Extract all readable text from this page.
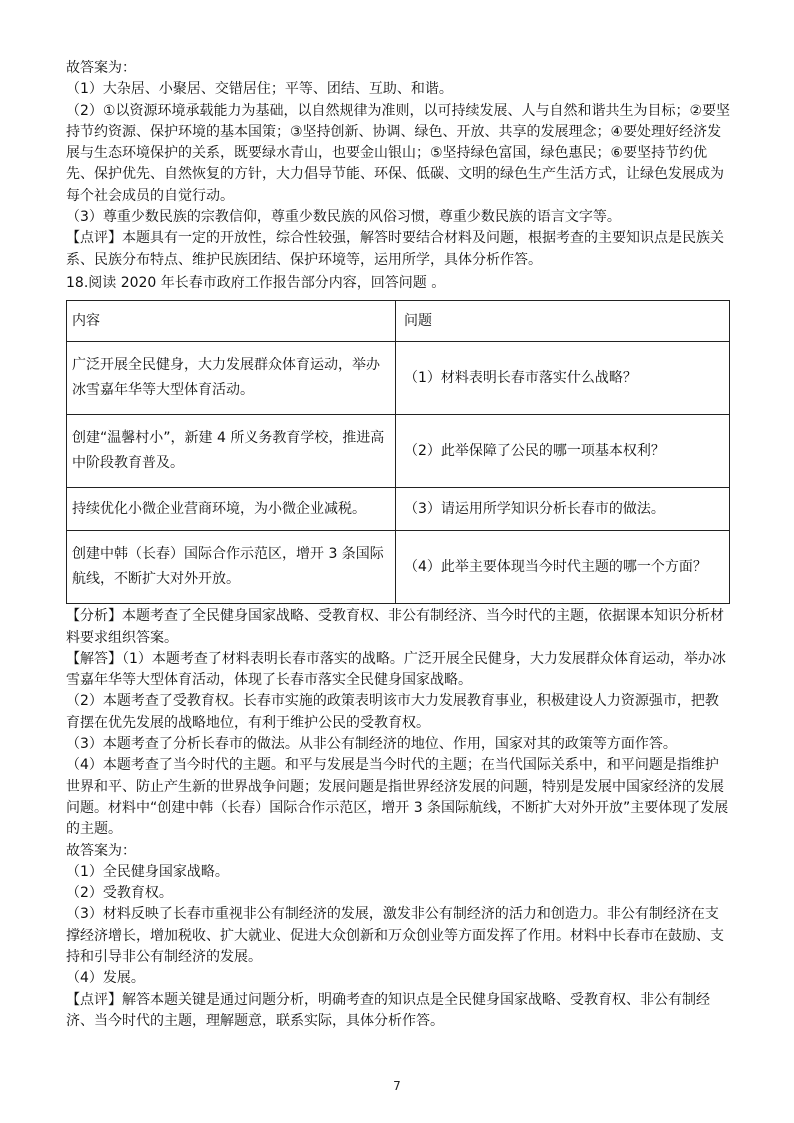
故答案为：

（1）大杂居、小聚居、交错居住；平等、团结、互助、和谐。

（2）①以资源环境承载能力为基础，以自然规律为准则，以可持续发展、人与自然和谐共生为目标；②要坚持节约资源、保护环境的基本国策；③坚持创新、协调、绿色、开放、共享的发展理念；④要处理好经济发展与生态环境保护的关系，既要绿水青山，也要金山银山；⑤坚持绿色富国，绿色惠民；⑥要坚持节约优先、保护优先、自然恢复的方针，大力倡导节能、环保、低碳、文明的绿色生产生活方式，让绿色发展成为每个社会成员的自觉行动。

（3）尊重少数民族的宗教信仰，尊重少数民族的风俗习惯，尊重少数民族的语言文字等。

【点评】本题具有一定的开放性，综合性较强，解答时要结合材料及问题，根据考查的主要知识点是民族关系、民族分布特点、维护民族团结、保护环境等，运用所学，具体分析作答。

18.阅读 2020 年长春市政府工作报告部分内容，回答问题 。

内容	问题
广泛开展全民健身，大力发展群众体育运动，举办冰雪嘉年华等大型体育活动。	（1）材料表明长春市落实什么战略？
创建“温馨村小”，新建 4 所义务教育学校，推进高中阶段教育普及。	（2）此举保障了公民的哪一项基本权利？
持续优化小微企业营商环境，为小微企业减税。	（3）请运用所学知识分析长春市的做法。
创建中韩（长春）国际合作示范区，增开 3 条国际航线，不断扩大对外开放。	（4）此举主要体现当今时代主题的哪一个方面？

【分析】本题考查了全民健身国家战略、受教育权、非公有制经济、当今时代的主题，依据课本知识分析材料要求组织答案。

【解答】（1）本题考查了材料表明长春市落实的战略。广泛开展全民健身，大力发展群众体育运动，举办冰雪嘉年华等大型体育活动，体现了长春市落实全民健身国家战略。

（2）本题考查了受教育权。长春市实施的政策表明该市大力发展教育事业，积极建设人力资源强市，把教育摆在优先发展的战略地位，有利于维护公民的受教育权。

（3）本题考查了分析长春市的做法。从非公有制经济的地位、作用，国家对其的政策等方面作答。

（4）本题考查了当今时代的主题。和平与发展是当今时代的主题；在当代国际关系中，和平问题是指维护世界和平、防止产生新的世界战争问题；发展问题是指世界经济发展的问题，特别是发展中国家经济的发展问题。材料中“创建中韩（长春）国际合作示范区，增开 3 条国际航线，不断扩大对外开放”主要体现了发展的主题。

故答案为：

（1）全民健身国家战略。

（2）受教育权。

（3）材料反映了长春市重视非公有制经济的发展，激发非公有制经济的活力和创造力。非公有制经济在支撑经济增长，增加税收、扩大就业、促进大众创新和万众创业等方面发挥了作用。材料中长春市在鼓励、支持和引导非公有制经济的发展。

（4）发展。

【点评】解答本题关键是通过问题分析，明确考查的知识点是全民健身国家战略、受教育权、非公有制经济、当今时代的主题，理解题意，联系实际，具体分析作答。

7
